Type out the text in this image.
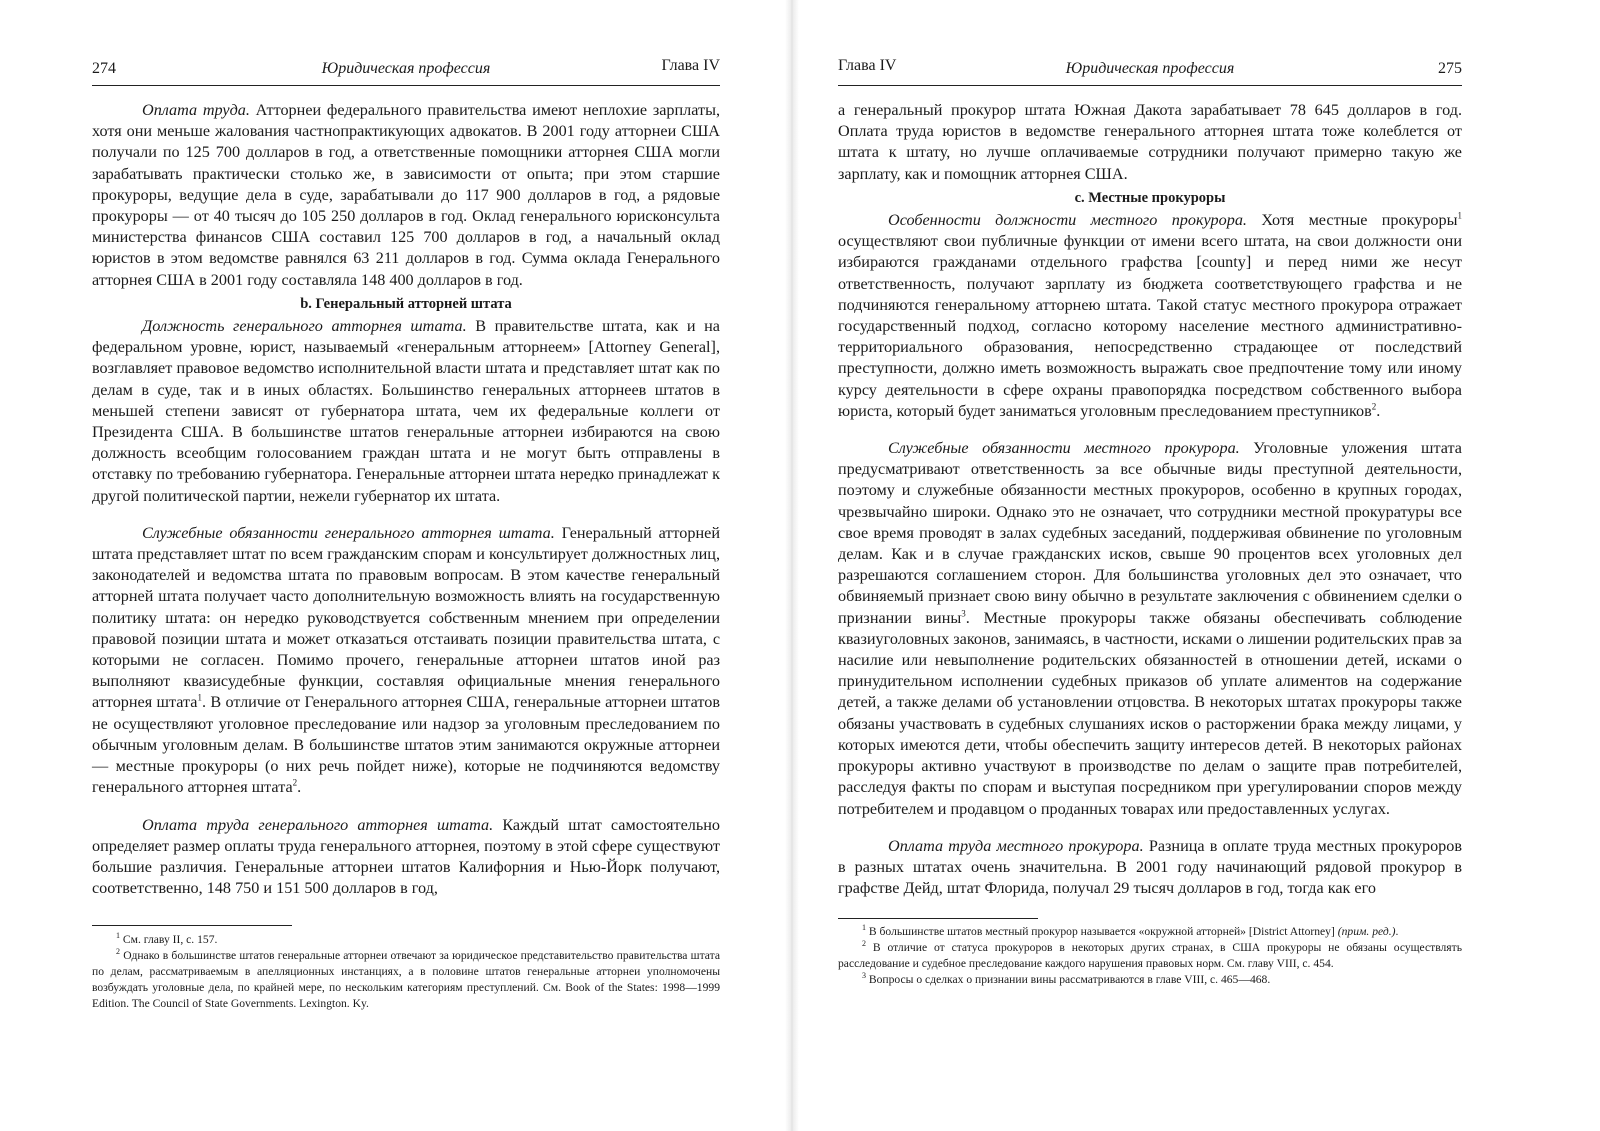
274	Юридическая профессия	Глава IV

Оплата труда. Атторнеи федерального правительства имеют неплохие зарплаты, хотя они меньше жалования частнопрактикующих адвокатов. В 2001 году атторнеи США получали по 125 700 долларов в год, а ответственные помощники атторнея США могли зарабатывать практически столько же, в зависимости от опыта; при этом старшие прокуроры, ведущие дела в суде, зарабатывали до 117 900 долларов в год, а рядовые прокуроры — от 40 тысяч до 105 250 долларов в год. Оклад генерального юрисконсульта министерства финансов США составил 125 700 долларов в год, а начальный оклад юристов в этом ведомстве равнялся 63 211 долларов в год. Сумма оклада Генерального атторнея США в 2001 году составляла 148 400 долларов в год.

b. Генеральный атторней штата

Должность генерального атторнея штата. В правительстве штата, как и на федеральном уровне, юрист, называемый «генеральным атторнеем» [Attorney General], возглавляет правовое ведомство исполнительной власти штата и представляет штат как по делам в суде, так и в иных областях. Большинство генеральных атторнеев штатов в меньшей степени зависят от губернатора штата, чем их федеральные коллеги от Президента США. В большинстве штатов генеральные атторнеи избираются на свою должность всеобщим голосованием граждан штата и не могут быть отправлены в отставку по требованию губернатора. Генеральные атторнеи штата нередко принадлежат к другой политической партии, нежели губернатор их штата.

Служебные обязанности генерального атторнея штата. Генеральный атторней штата представляет штат по всем гражданским спорам и консультирует должностных лиц, законодателей и ведомства штата по правовым вопросам. В этом качестве генеральный атторней штата получает часто дополнительную возможность влиять на государственную политику штата: он нередко руководствуется собственным мнением при определении правовой позиции штата и может отказаться отстаивать позиции правительства штата, с которыми не согласен. Помимо прочего, генеральные атторнеи штатов иной раз выполняют квазисудебные функции, составляя официальные мнения генерального атторнея штата$^1$. В отличие от Генерального атторнея США, генеральные атторнеи штатов не осуществляют уголовное преследование или надзор за уголовным преследованием по обычным уголовным делам. В большинстве штатов этим занимаются окружные атторнеи — местные прокуроры (о них речь пойдет ниже), которые не подчиняются ведомству генерального атторнея штата$^2$.

Оплата труда генерального атторнея штата. Каждый штат самостоятельно определяет размер оплаты труда генерального атторнея, поэтому в этой сфере существуют большие различия. Генеральные атторнеи штатов Калифорния и Нью-Йорк получают, соответственно, 148 750 и 151 500 долларов в год,

$^1$ См. главу II, с. 157.

$^2$ Однако в большинстве штатов генеральные атторнеи отвечают за юридическое представительство правительства штата по делам, рассматриваемым в апелляционных инстанциях, а в половине штатов генеральные атторнеи уполномочены возбуждать уголовные дела, по крайней мере, по нескольким категориям преступлений. См. Book of the States: 1998—1999 Edition. The Council of State Governments. Lexington. Ky.

Глава IV	Юридическая профессия	275

а генеральный прокурор штата Южная Дакота зарабатывает 78 645 долларов в год. Оплата труда юристов в ведомстве генерального атторнея штата тоже колеблется от штата к штату, но лучше оплачиваемые сотрудники получают примерно такую же зарплату, как и помощник атторнея США.

c. Местные прокуроры

Особенности должности местного прокурора. Хотя местные прокуроры$^1$ осуществляют свои публичные функции от имени всего штата, на свои должности они избираются гражданами отдельного графства [county] и перед ними же несут ответственность, получают зарплату из бюджета соответствующего графства и не подчиняются генеральному атторнею штата. Такой статус местного прокурора отражает государственный подход, согласно которому население местного административно-территориального образования, непосредственно страдающее от последствий преступности, должно иметь возможность выражать свое предпочтение тому или иному курсу деятельности в сфере охраны правопорядка посредством собственного выбора юриста, который будет заниматься уголовным преследованием преступников$^2$.

Служебные обязанности местного прокурора. Уголовные уложения штата предусматривают ответственность за все обычные виды преступной деятельности, поэтому и служебные обязанности местных прокуроров, особенно в крупных городах, чрезвычайно широки. Однако это не означает, что сотрудники местной прокуратуры все свое время проводят в залах судебных заседаний, поддерживая обвинение по уголовным делам. Как и в случае гражданских исков, свыше 90 процентов всех уголовных дел разрешаются соглашением сторон. Для большинства уголовных дел это означает, что обвиняемый признает свою вину обычно в результате заключения с обвинением сделки о признании вины$^3$. Местные прокуроры также обязаны обеспечивать соблюдение квазиуголовных законов, занимаясь, в частности, исками о лишении родительских прав за насилие или невыполнение родительских обязанностей в отношении детей, исками о принудительном исполнении судебных приказов об уплате алиментов на содержание детей, а также делами об установлении отцовства. В некоторых штатах прокуроры также обязаны участвовать в судебных слушаниях исков о расторжении брака между лицами, у которых имеются дети, чтобы обеспечить защиту интересов детей. В некоторых районах прокуроры активно участвуют в производстве по делам о защите прав потребителей, расследуя факты по спорам и выступая посредником при урегулировании споров между потребителем и продавцом о проданных товарах или предоставленных услугах.

Оплата труда местного прокурора. Разница в оплате труда местных прокуроров в разных штатах очень значительна. В 2001 году начинающий рядовой прокурор в графстве Дейд, штат Флорида, получал 29 тысяч долларов в год, тогда как его

$^1$ В большинстве штатов местный прокурор называется «окружной атторней» [District Attorney] (прим. ред.).

$^2$ В отличие от статуса прокуроров в некоторых других странах, в США прокуроры не обязаны осуществлять расследование и судебное преследование каждого нарушения правовых норм. См. главу VIII, с. 454.

$^3$ Вопросы о сделках о признании вины рассматриваются в главе VIII, с. 465—468.
